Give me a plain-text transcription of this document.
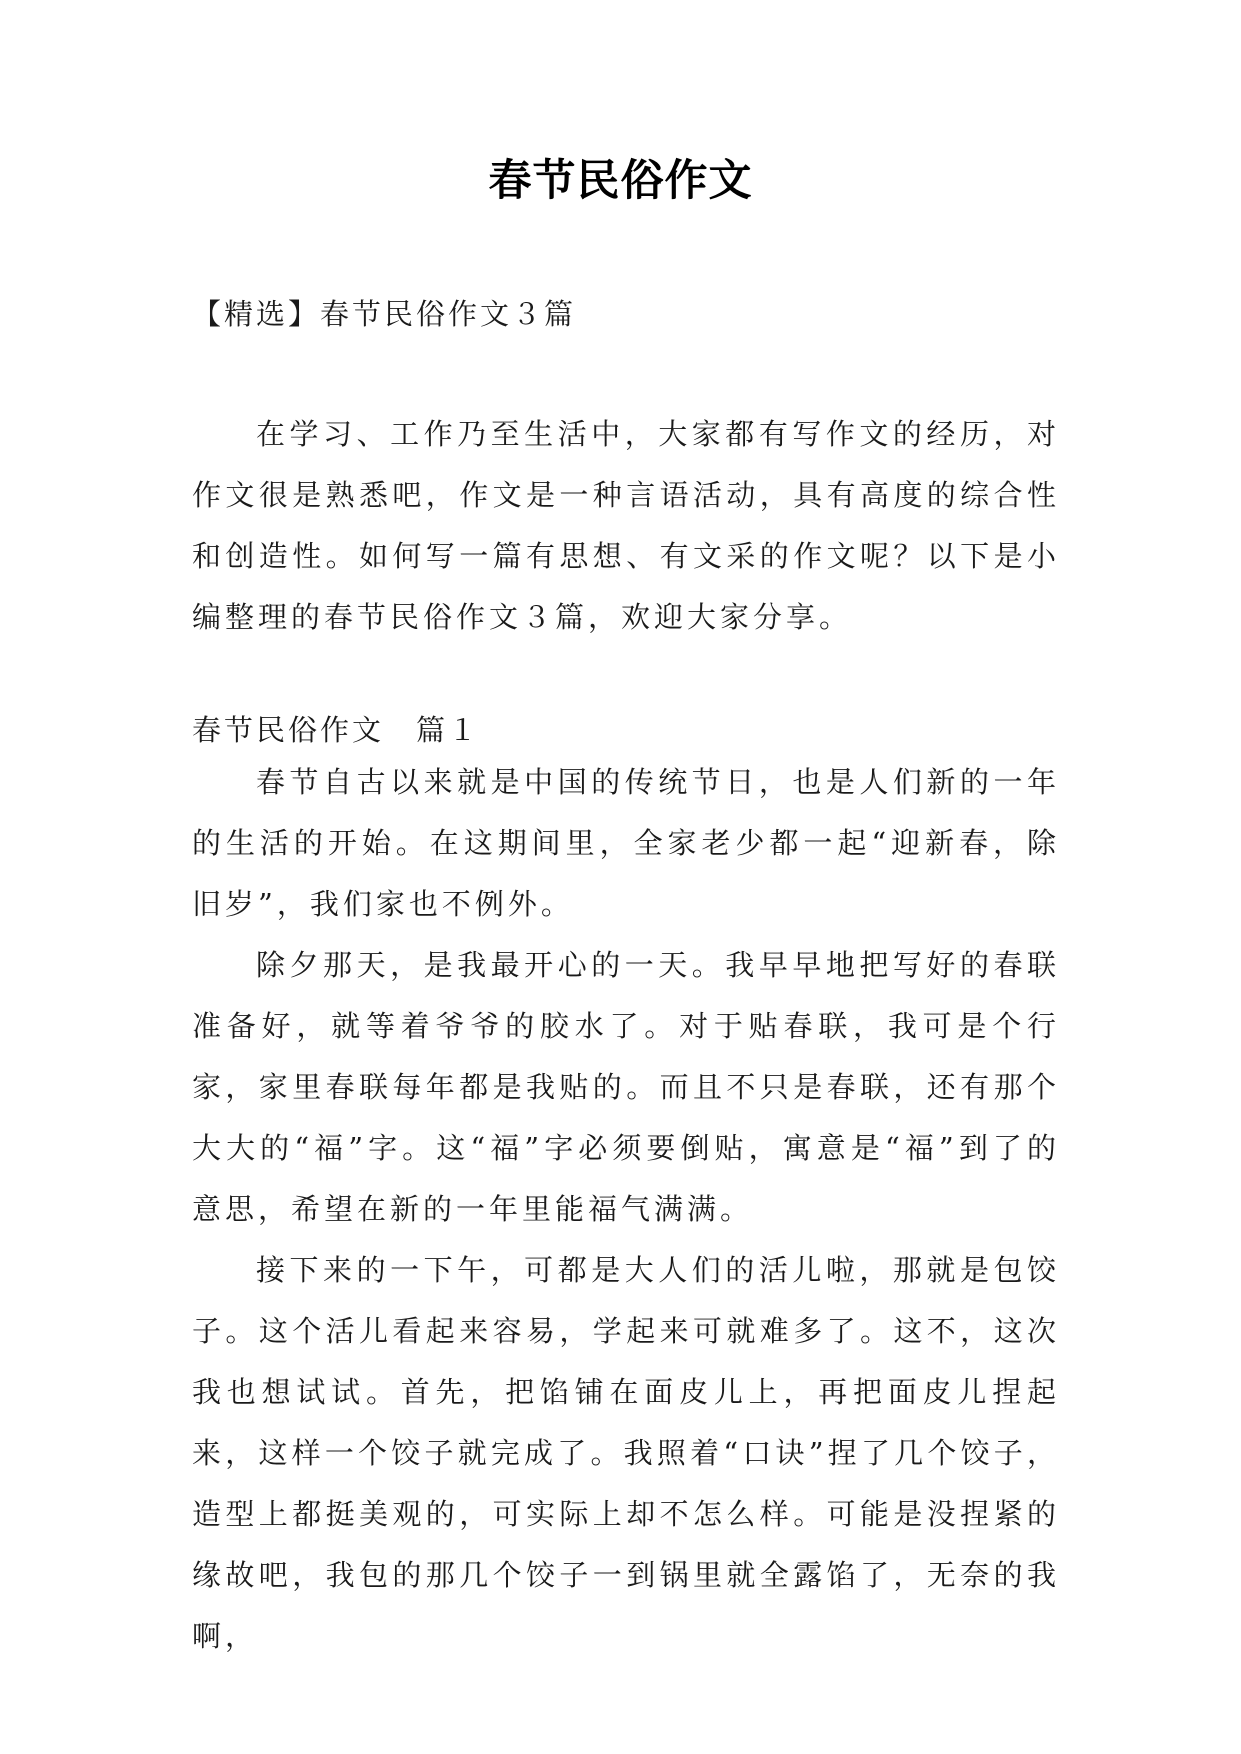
春节民俗作文

【精选】春节民俗作文３篇

在学习、工作乃至生活中，大家都有写作文的经历，对作文很是熟悉吧，作文是一种言语活动，具有高度的综合性和创造性。如何写一篇有思想、有文采的作文呢？以下是小编整理的春节民俗作文３篇，欢迎大家分享。

春节民俗作文　篇１

春节自古以来就是中国的传统节日，也是人们新的一年的生活的开始。在这期间里，全家老少都一起“迎新春，除旧岁”，我们家也不例外。

除夕那天，是我最开心的一天。我早早地把写好的春联准备好，就等着爷爷的胶水了。对于贴春联，我可是个行家，家里春联每年都是我贴的。而且不只是春联，还有那个大大的“福”字。这“福”字必须要倒贴，寓意是“福”到了的意思，希望在新的一年里能福气满满。

接下来的一下午，可都是大人们的活儿啦，那就是包饺子。这个活儿看起来容易，学起来可就难多了。这不，这次我也想试试。首先，把馅铺在面皮儿上，再把面皮儿捏起来，这样一个饺子就完成了。我照着“口诀”捏了几个饺子，造型上都挺美观的，可实际上却不怎么样。可能是没捏紧的缘故吧，我包的那几个饺子一到锅里就全露馅了，无奈的我啊，
